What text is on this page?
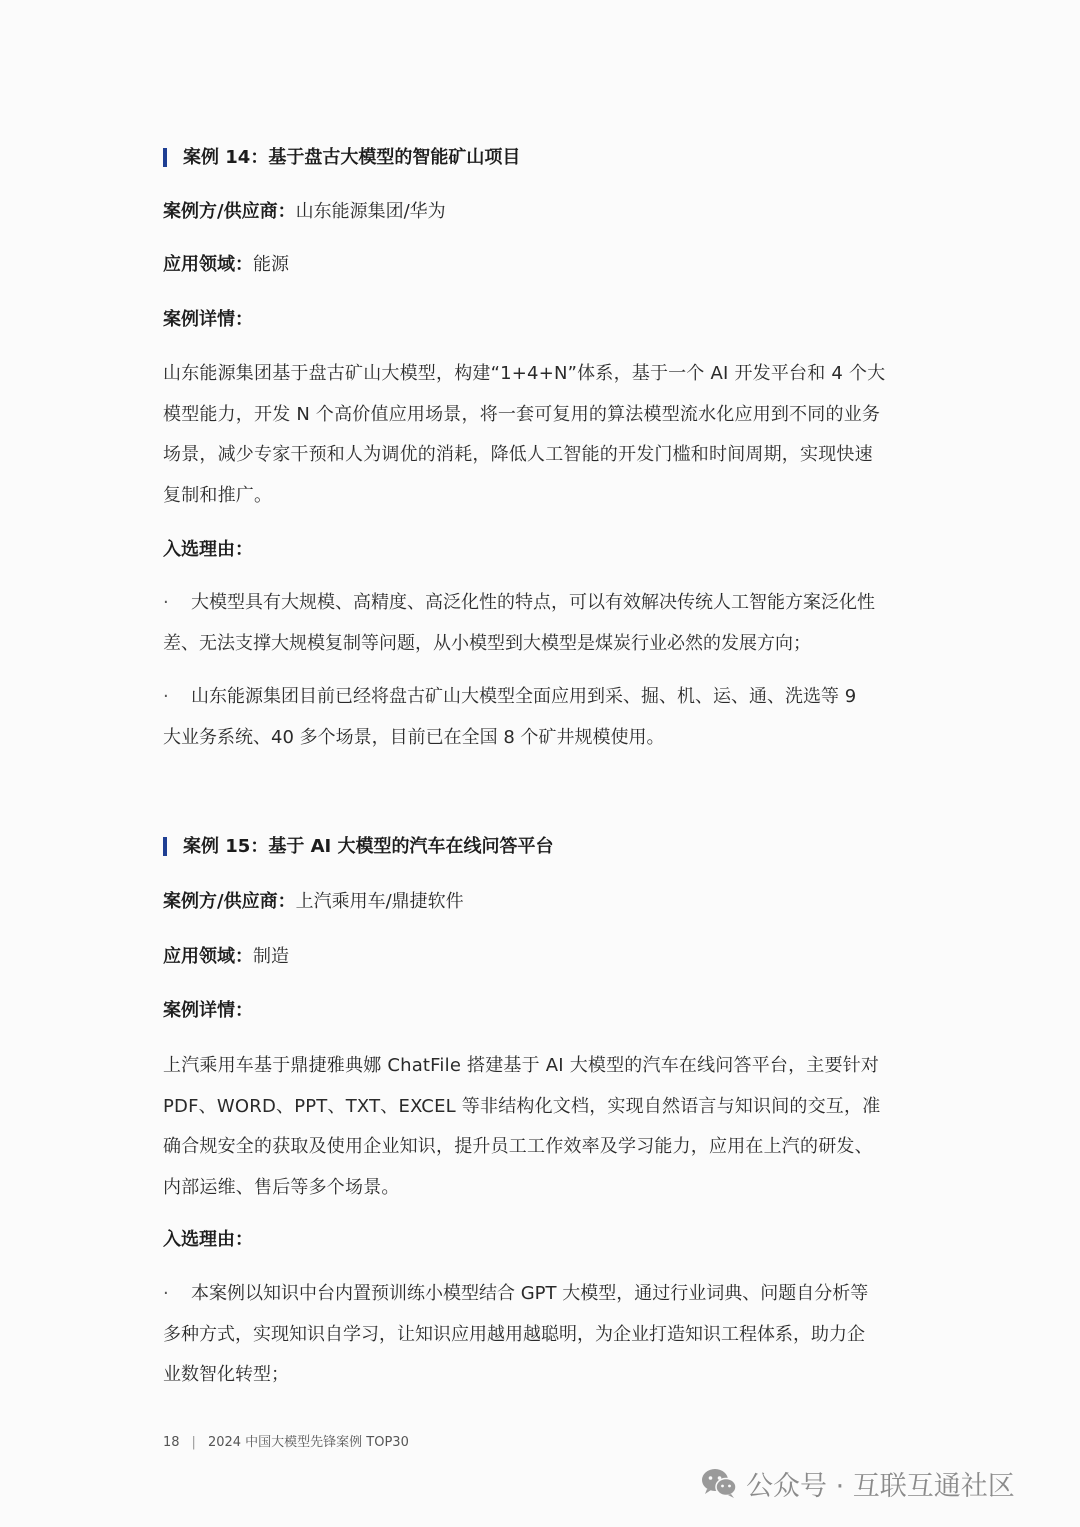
案例 14：基于盘古大模型的智能矿山项目
案例方/供应商：山东能源集团/华为
应用领域：能源
案例详情：
山东能源集团基于盘古矿山大模型，构建“1+4+N”体系，基于一个 AI 开发平台和 4 个大
模型能力，开发 N 个高价值应用场景，将一套可复用的算法模型流水化应用到不同的业务
场景，减少专家干预和人为调优的消耗，降低人工智能的开发门槛和时间周期，实现快速
复制和推广。
入选理由：
· 大模型具有大规模、高精度、高泛化性的特点，可以有效解决传统人工智能方案泛化性
差、无法支撑大规模复制等问题，从小模型到大模型是煤炭行业必然的发展方向；
· 山东能源集团目前已经将盘古矿山大模型全面应用到采、掘、机、运、通、洗选等 9
大业务系统、40 多个场景，目前已在全国 8 个矿井规模使用。
案例 15：基于 AI 大模型的汽车在线问答平台
案例方/供应商：上汽乘用车/鼎捷软件
应用领域：制造
案例详情：
上汽乘用车基于鼎捷雅典娜 ChatFile 搭建基于 AI 大模型的汽车在线问答平台，主要针对
PDF、WORD、PPT、TXT、EXCEL 等非结构化文档，实现自然语言与知识间的交互，准
确合规安全的获取及使用企业知识，提升员工工作效率及学习能力，应用在上汽的研发、
内部运维、售后等多个场景。
入选理由：
· 本案例以知识中台内置预训练小模型结合 GPT 大模型，通过行业词典、问题自分析等
多种方式，实现知识自学习，让知识应用越用越聪明，为企业打造知识工程体系，助力企
业数智化转型；
18 | 2024 中国大模型先锋案例 TOP30
公众号 · 互联互通社区
